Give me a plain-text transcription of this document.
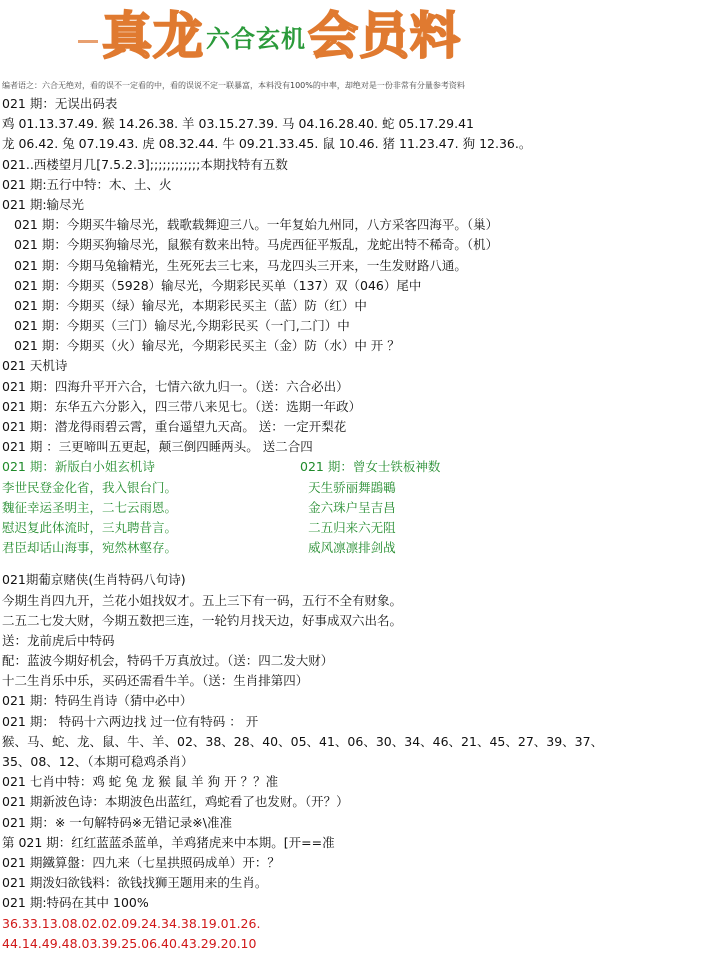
真龙 六合玄机 会员料
编者语之：六合无绝对，看的误不一定看的中，看的误说不定一联暴富，本料没有100%的中率，却绝对是一份非常有分量参考资料
021 期：无误出码表
鸡 01.13.37.49. 猴 14.26.38. 羊 03.15.27.39. 马 04.16.28.40. 蛇 05.17.29.41
龙 06.42. 兔 07.19.43. 虎 08.32.44. 牛 09.21.33.45. 鼠 10.46. 猪 11.23.47. 狗 12.36.。
021..西楼望月几[7.5.2.3];;;;;;;;;;;;本期找特有五数
021 期:五行中特：木、土、火
021 期:输尽光
021 期：今期买牛输尽光，载歌载舞迎三八。一年复始九州同，八方采客四海平。（巢）
021 期：今期买狗输尽光，鼠猴有数来出特。马虎西征平叛乱，龙蛇出特不稀奇。（机）
021 期：今期马兔输精光，生死死去三七来，马龙四头三开来，一生发财路八通。
021 期：今期买（5928）输尽光，今期彩民买单（137）双（046）尾中
021 期：今期买（绿）输尽光，本期彩民买主（蓝）防（红）中
021 期：今期买（三门）输尽光,今期彩民买（一门,二门）中
021 期：今期买（火）输尽光，今期彩民买主（金）防（水）中 开 ？
021 天机诗
021 期：四海升平开六合，七情六欲九归一。（送：六合必出）
021 期：东华五六分影入，四三带八来见七。（送：选期一年政）
021 期：潜龙得雨碧云霄，重台遥望九天高。 送：一定开梨花
021 期 ：三更啼叫五更起，颠三倒四睡两头。 送二合四
021 期：新版白小姐玄机诗	021 期：曾女士铁板神数
李世民登金化省，我入银台门。	天生骄丽舞鵾鶤
魏征幸运圣明主，二七云雨恩。	金六珠户呈吉昌
慰迟复此体流时，三丸聘昔言。	二五归来六无阻
君臣却话山海事，宛然林壑存。	威风凛凛排剑战
021期葡京赌侠(生肖特码八句诗)
今期生肖四九开，兰花小姐找奴才。五上三下有一码，五行不全有财象。
二五二七发大财，今期五数把三连，一轮钓月找天边，好事成双六出名。
送：龙前虎后中特码
配：蓝波今期好机会，特码千万真放过。（送：四二发大财）
十二生肖乐中乐，买码还需看牛羊。（送：生肖排第四）
021 期：特码生肖诗（猜中必中）
021 期： 特码十六两边找 过一位有特码 ： 开
猴、马、蛇、龙、鼠、牛、羊、02、38、28、40、05、41、06、30、34、46、21、45、27、39、37、
35、08、12、（本期可稳鸡杀肖）
021 七肖中特：鸡 蛇 兔 龙 猴 鼠 羊 狗 开 ？？准
021 期新波色诗：本期波色出蓝红，鸡蛇看了也发财。（开？）
021 期：※ 一句解特码※无错记录※\准准
第 021 期：红红蓝蓝杀蓝单，羊鸡猪虎来中本期。[开==准
021 期鐵算盤：四九来（七星拱照码成单）开：？
021 期泼妇欲钱料：欲钱找狮王题用来的生肖。
021 期:特码在其中 100%
36.33.13.08.02.02.09.24.34.38.19.01.26.
44.14.49.48.03.39.25.06.40.43.29.20.10
